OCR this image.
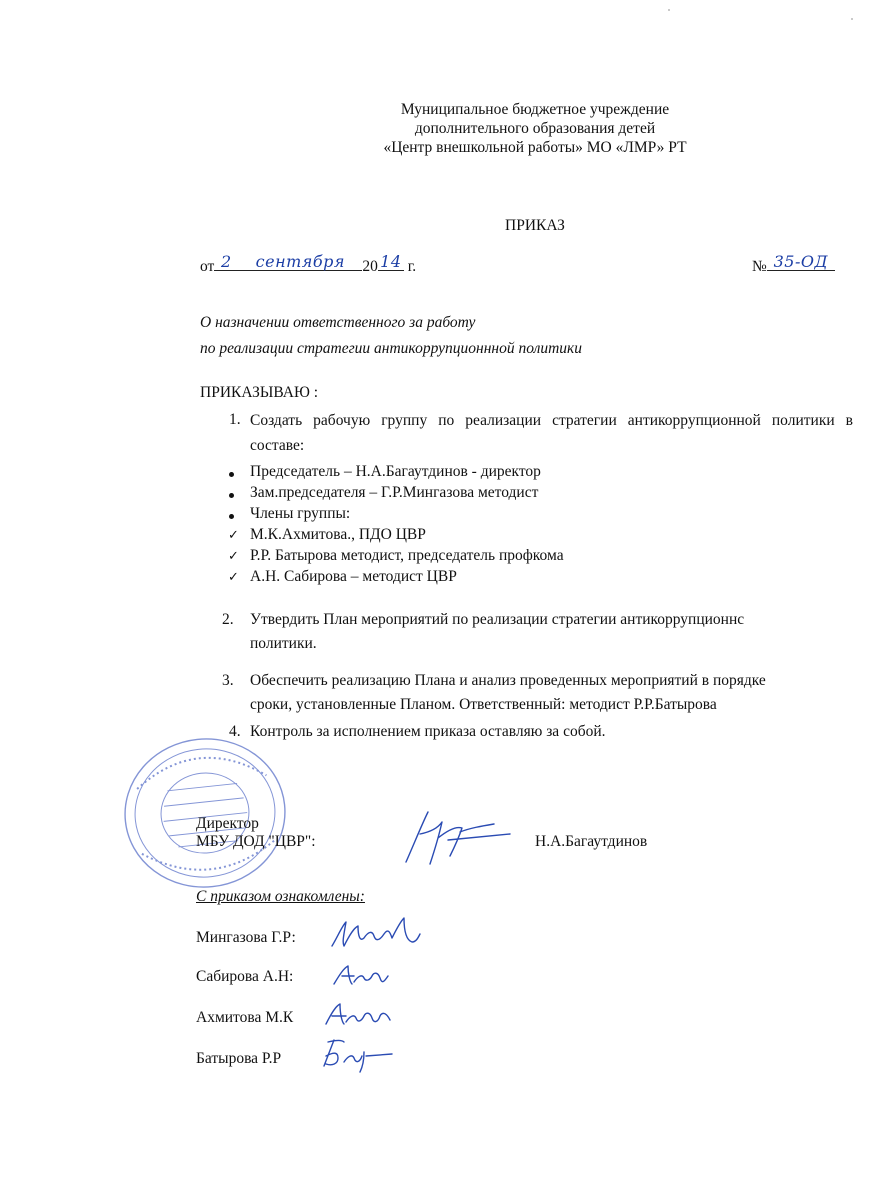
Муниципальное бюджетное учреждение
дополнительного образования детей
«Центр внешкольной работы» МО «ЛМР» РТ
ПРИКАЗ
от 2	сентября	20 14 г.	№ 35-ОД
О назначении ответственного за работу
по реализации стратегии антикоррупционнной политики
ПРИКАЗЫВАЮ :
1. Создать рабочую группу по реализации стратегии антикоррупционной политики в составе:
Председатель – Н.А.Багаутдинов - директор
Зам.председателя – Г.Р.Мингазова методист
Члены группы:
✓ М.К.Ахмитова., ПДО ЦВР
✓ Р.Р. Батырова методист, председатель профкома
✓ А.Н. Сабирова – методист ЦВР
2. Утвердить План мероприятий по реализации стратегии антикоррупционнс
политики.
3. Обеспечить реализацию Плана и анализ проведенных мероприятий в порядке
сроки, установленные Планом. Ответственный: методист Р.Р.Батырова
4. Контроль за исполнением приказа оставляю за собой.
Директор
МБУ ДОД "ЦВР":	Н.А.Багаутдинов
С приказом ознакомлены:
Мингазова Г.Р:
Сабирова А.Н:
Ахмитова М.К
Батырова Р.Р
